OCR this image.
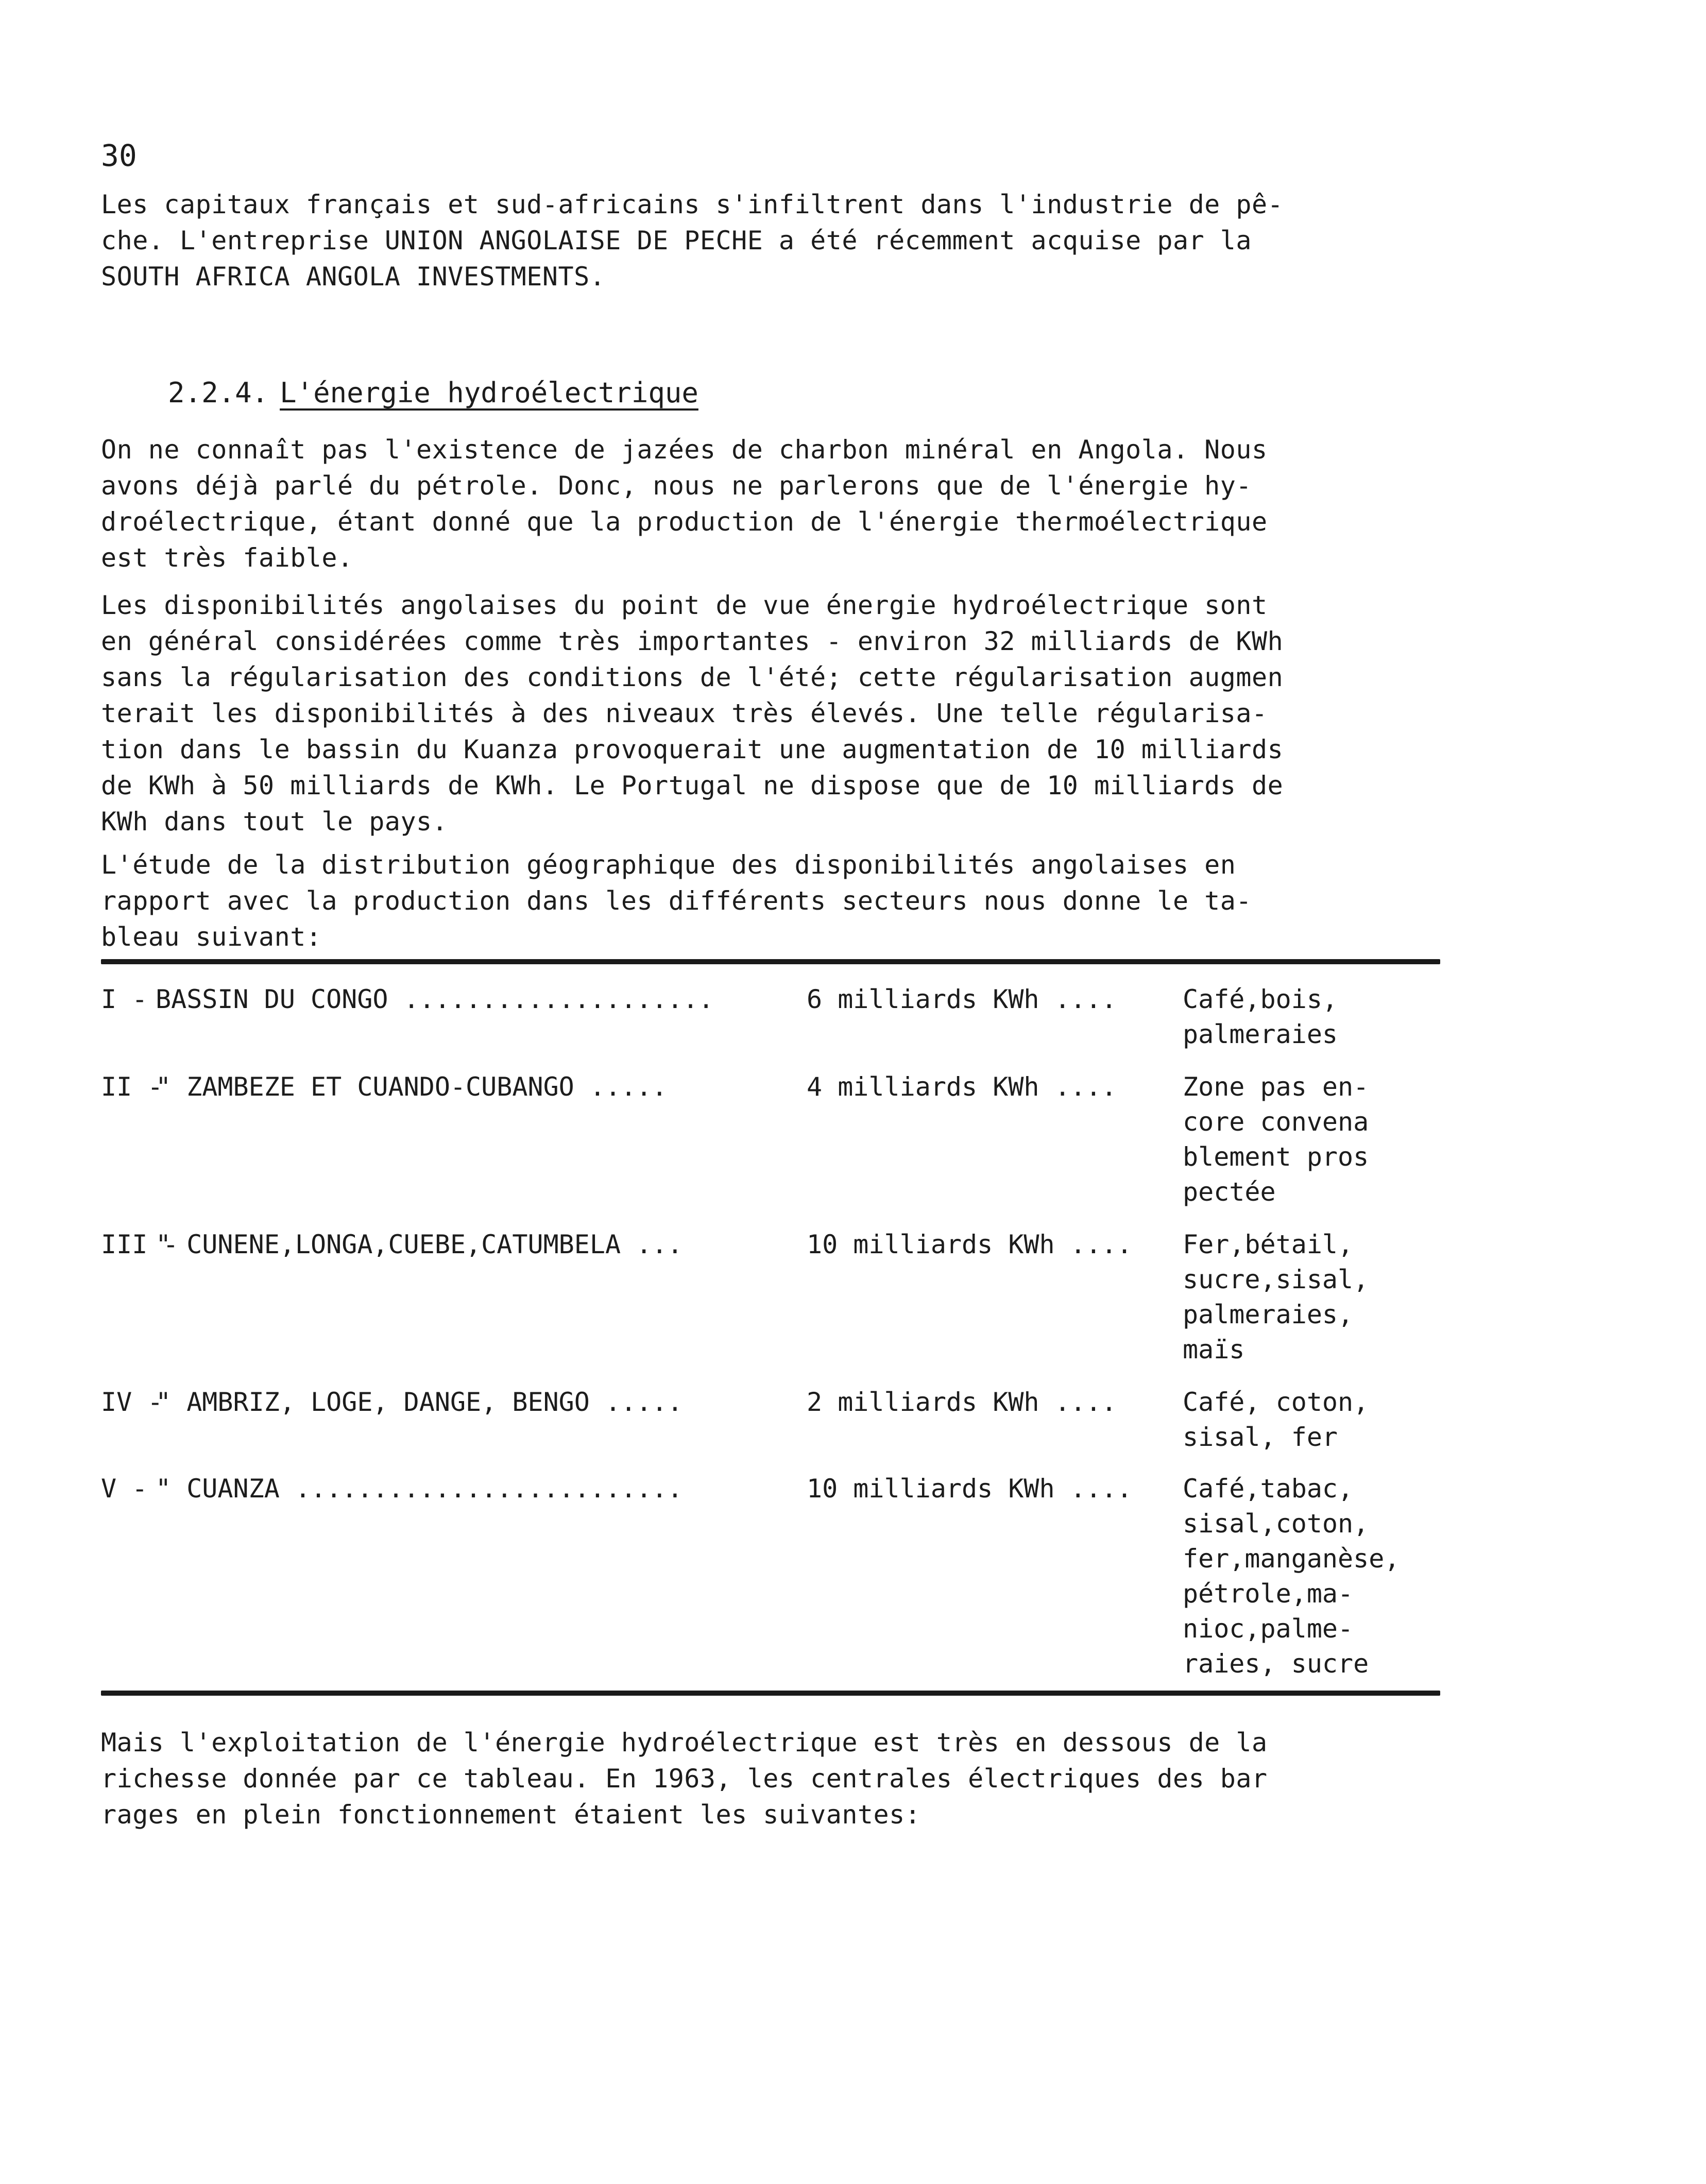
30
Les capitaux français et sud-africains s'infiltrent dans l'industrie de pê-
che. L'entreprise UNION ANGOLAISE DE PECHE a été récemment acquise par la
SOUTH AFRICA ANGOLA INVESTMENTS.

2.2.4. L'énergie hydroélectrique

On ne connaît pas l'existence de jazées de charbon minéral en Angola. Nous
avons déjà parlé du pétrole. Donc, nous ne parlerons que de l'énergie hy-
droélectrique, étant donné que la production de l'énergie thermoélectrique
est très faible.
Les disponibilités angolaises du point de vue énergie hydroélectrique sont
en général considérées comme très importantes - environ 32 milliards de KWh
sans la régularisation des conditions de l'été; cette régularisation augmen
terait les disponibilités à des niveaux très élevés. Une telle régularisa-
tion dans le bassin du Kuanza provoquerait une augmentation de 10 milliards
de KWh à 50 milliards de KWh. Le Portugal ne dispose que de 10 milliards de
KWh dans tout le pays.
L'étude de la distribution géographique des disponibilités angolaises en
rapport avec la production dans les différents secteurs nous donne le ta-
bleau suivant:
I - BASSIN DU CONGO ....................	6 milliards KWh ....	Café,bois,
palmeraies
II -
" ZAMBEZE ET CUANDO-CUBANGO .....	4 milliards KWh ....	Zone pas en-
core convena
blement pros
pectée
III -
" CUNENE,LONGA,CUEBE,CATUMBELA ...	10 milliards KWh .... Fer,bétail,
sucre,sisal,
palmeraies,
maïs
IV -
" AMBRIZ, LOGE, DANGE, BENGO .....	2 milliards KWh ....	Café, coton,
sisal, fer
V - " CUANZA .........................	10 milliards KWh .... Café,tabac,
sisal,coton,
fer,manganèse,
pétrole,ma-
nioc,palme-
raies, sucre
Mais l'exploitation de l'énergie hydroélectrique est très en dessous de la
richesse donnée par ce tableau. En 1963, les centrales électriques des bar
rages en plein fonctionnement étaient les suivantes:
